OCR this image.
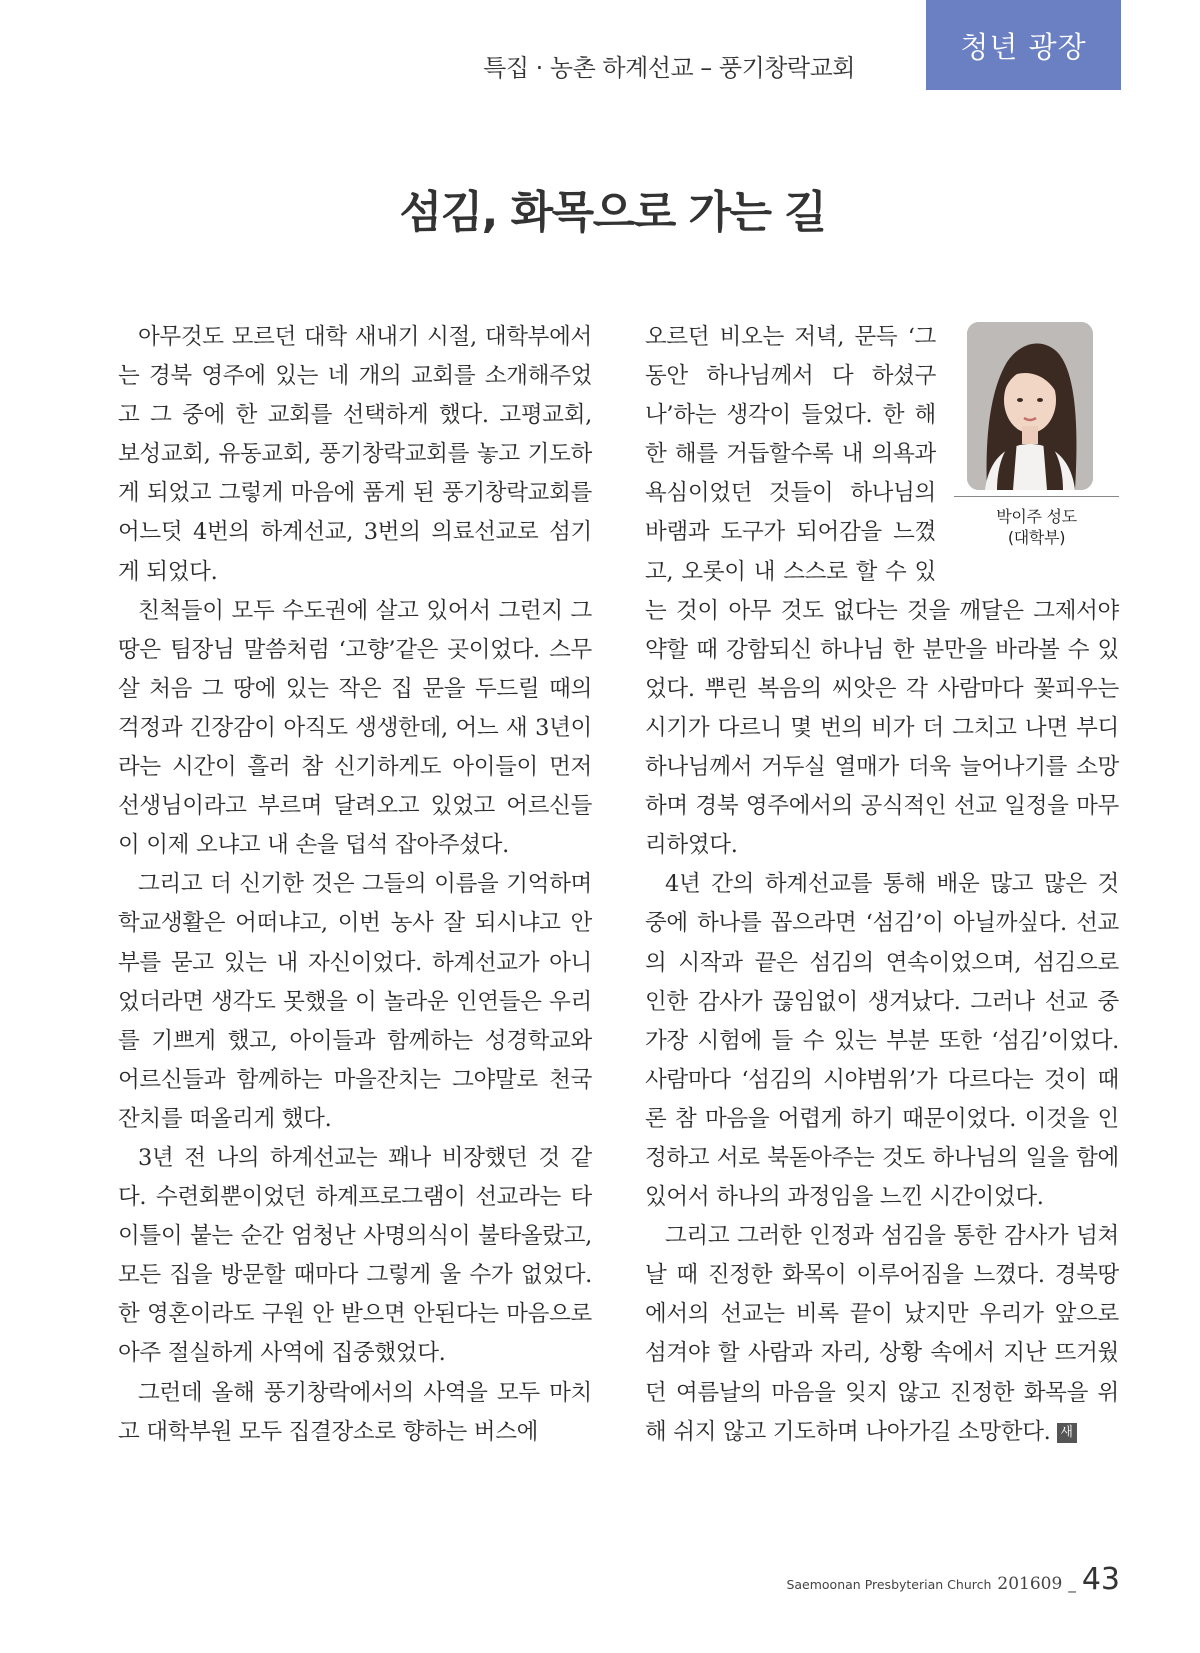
특집 · 농촌 하계선교 – 풍기창락교회
청년 광장
섬김, 화목으로 가는 길

아무것도 모르던 대학 새내기 시절, 대학부에서는 경북 영주에 있는 네 개의 교회를 소개해주었고 그 중에 한 교회를 선택하게 했다. 고평교회, 보성교회, 유동교회, 풍기창락교회를 놓고 기도하게 되었고 그렇게 마음에 품게 된 풍기창락교회를 어느덧 4번의 하계선교, 3번의 의료선교로 섬기게 되었다.

친척들이 모두 수도권에 살고 있어서 그런지 그 땅은 팀장님 말씀처럼 ‘고향’같은 곳이었다. 스무 살 처음 그 땅에 있는 작은 집 문을 두드릴 때의 걱정과 긴장감이 아직도 생생한데, 어느 새 3년이라는 시간이 흘러 참 신기하게도 아이들이 먼저 선생님이라고 부르며 달려오고 있었고 어르신들이 이제 오냐고 내 손을 덥석 잡아주셨다.

그리고 더 신기한 것은 그들의 이름을 기억하며 학교생활은 어떠냐고, 이번 농사 잘 되시냐고 안부를 묻고 있는 내 자신이었다. 하계선교가 아니었더라면 생각도 못했을 이 놀라운 인연들은 우리를 기쁘게 했고, 아이들과 함께하는 성경학교와 어르신들과 함께하는 마을잔치는 그야말로 천국잔치를 떠올리게 했다.

3년 전 나의 하계선교는 꽤나 비장했던 것 같다. 수련회뿐이었던 하계프로그램이 선교라는 타이틀이 붙는 순간 엄청난 사명의식이 불타올랐고, 모든 집을 방문할 때마다 그렇게 울 수가 없었다. 한 영혼이라도 구원 안 받으면 안된다는 마음으로 아주 절실하게 사역에 집중했었다.

그런데 올해 풍기창락에서의 사역을 모두 마치고 대학부원 모두 집결장소로 향하는 버스에

박이주 성도
(대학부)

오르던 비오는 저녁, 문득 ‘그동안 하나님께서 다 하셨구나’하는 생각이 들었다. 한 해 한 해를 거듭할수록 내 의욕과 욕심이었던 것들이 하나님의 바램과 도구가 되어감을 느꼈고, 오롯이 내 스스로 할 수 있는 것이 아무 것도 없다는 것을 깨달은 그제서야 약할 때 강함되신 하나님 한 분만을 바라볼 수 있었다. 뿌린 복음의 씨앗은 각 사람마다 꽃피우는 시기가 다르니 몇 번의 비가 더 그치고 나면 부디 하나님께서 거두실 열매가 더욱 늘어나기를 소망하며 경북 영주에서의 공식적인 선교 일정을 마무리하였다.

4년 간의 하계선교를 통해 배운 많고 많은 것 중에 하나를 꼽으라면 ‘섬김’이 아닐까싶다. 선교의 시작과 끝은 섬김의 연속이었으며, 섬김으로 인한 감사가 끊임없이 생겨났다. 그러나 선교 중 가장 시험에 들 수 있는 부분 또한 ‘섬김’이었다. 사람마다 ‘섬김의 시야범위’가 다르다는 것이 때론 참 마음을 어렵게 하기 때문이었다. 이것을 인정하고 서로 북돋아주는 것도 하나님의 일을 함에 있어서 하나의 과정임을 느낀 시간이었다.

그리고 그러한 인정과 섬김을 통한 감사가 넘쳐날 때 진정한 화목이 이루어짐을 느꼈다. 경북땅에서의 선교는 비록 끝이 났지만 우리가 앞으로 섬겨야 할 사람과 자리, 상황 속에서 지난 뜨거웠던 여름날의 마음을 잊지 않고 진정한 화목을 위해 쉬지 않고 기도하며 나아가길 소망한다. 새

Saemoonan Presbyterian Church 201609 _ 43
